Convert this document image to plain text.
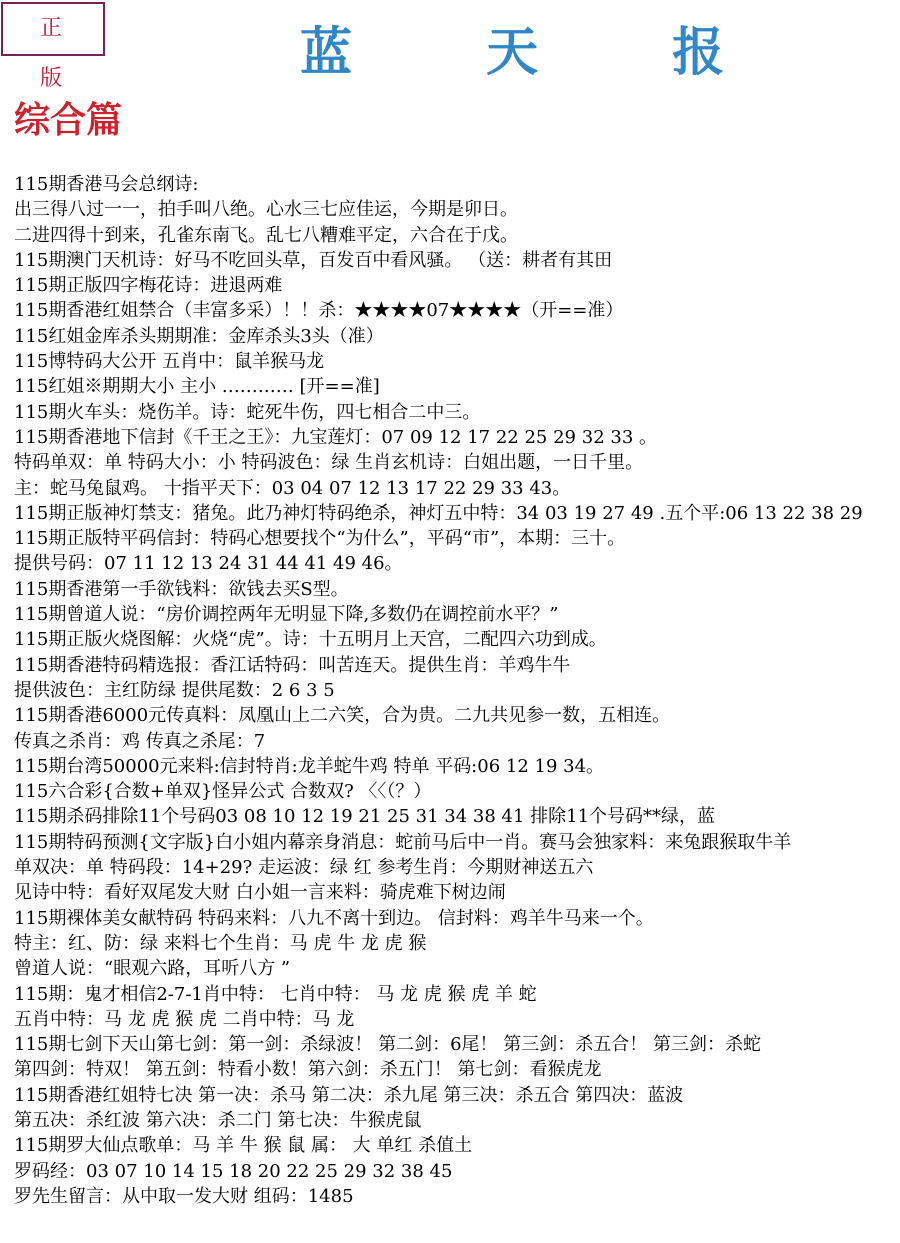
正 版	蓝 天 报
综合篇
115期香港马会总纲诗:
出三得八过一一，拍手叫八绝。心水三七应佳运，今期是卯日。
二进四得十到来，孔雀东南飞。乱七八糟难平定，六合在于戊。
115期澳门天机诗：好马不吃回头草，百发百中看风骚。 （送：耕者有其田
115期正版四字梅花诗：进退两难
115期香港红姐禁合（丰富多采）！！杀：★★★★07★★★★（开==准）
115红姐金库杀头期期准：金库杀头3头（准）
115博特码大公开 五肖中：鼠羊猴马龙
115红姐※期期大小 主小 ………… [开==准]
115期火车头：烧伤羊。诗：蛇死牛伤，四七相合二中三。
115期香港地下信封《千王之王》：九宝莲灯：07 09 12 17 22 25 29 32 33 。
特码单双：单 特码大小：小 特码波色：绿 生肖玄机诗：白姐出题，一日千里。
主：蛇马兔鼠鸡。 十指平天下：03 04 07 12 13 17 22 29 33 43。
115期正版神灯禁支：猪兔。此乃神灯特码绝杀，神灯五中特：34 03 19 27 49 .五个平:06 13 22 38 29
115期正版特平码信封：特码心想要找个“为什么”，平码“市”，本期：三十。
提供号码：07 11 12 13 24 31 44 41 49 46。
115期香港第一手欲钱料：欲钱去买S型。
115期曾道人说：“房价调控两年无明显下降,多数仍在调控前水平？”
115期正版火烧图解：火烧“虎”。诗：十五明月上天宫，二配四六功到成。
115期香港特码精选报：香江话特码：叫苦连天。提供生肖：羊鸡牛牛
提供波色：主红防绿 提供尾数：2 6 3 5
115期香港6000元传真料：凤凰山上二六笑，合为贵。二九共见参一数，五相连。
传真之杀肖：鸡 传真之杀尾：7
115期台湾50000元来料:信封特肖:龙羊蛇牛鸡 特单 平码:06 12 19 34。
115六合彩{合数+单双}怪异公式 合数双? 〈〈（？）
115期杀码排除11个号码03 08 10 12 19 21 25 31 34 38 41 排除11个号码**绿，蓝
115期特码预测{文字版}白小姐内幕亲身消息：蛇前马后中一肖。赛马会独家料：来兔跟猴取牛羊
单双决：单 特码段：14+29? 走运波：绿 红 参考生肖：今期财神送五六
见诗中特：看好双尾发大财 白小姐一言来料：骑虎难下树边闹
115期裸体美女献特码 特码来料：八九不离十到边。 信封料：鸡羊牛马来一个。
特主：红、防：绿 来料七个生肖：马 虎 牛 龙 虎 猴
曾道人说：“眼观六路，耳听八方 ”
115期：鬼才相信2-7-1肖中特： 七肖中特： 马 龙 虎 猴 虎 羊 蛇
五肖中特：马 龙 虎 猴 虎 二肖中特：马 龙
115期七剑下天山第七剑：第一剑：杀绿波！ 第二剑：6尾！ 第三剑：杀五合！ 第三剑：杀蛇
第四剑：特双！ 第五剑：特看小数！第六剑：杀五门！ 第七剑：看猴虎龙
115期香港红姐特七决 第一决：杀马 第二决：杀九尾 第三决：杀五合 第四决：蓝波
第五决：杀红波 第六决：杀二门 第七决：牛猴虎鼠
115期罗大仙点歌单：马 羊 牛 猴 鼠 属： 大 单红 杀值土
罗码经：03 07 10 14 15 18 20 22 25 29 32 38 45
罗先生留言：从中取一发大财 组码：1485
